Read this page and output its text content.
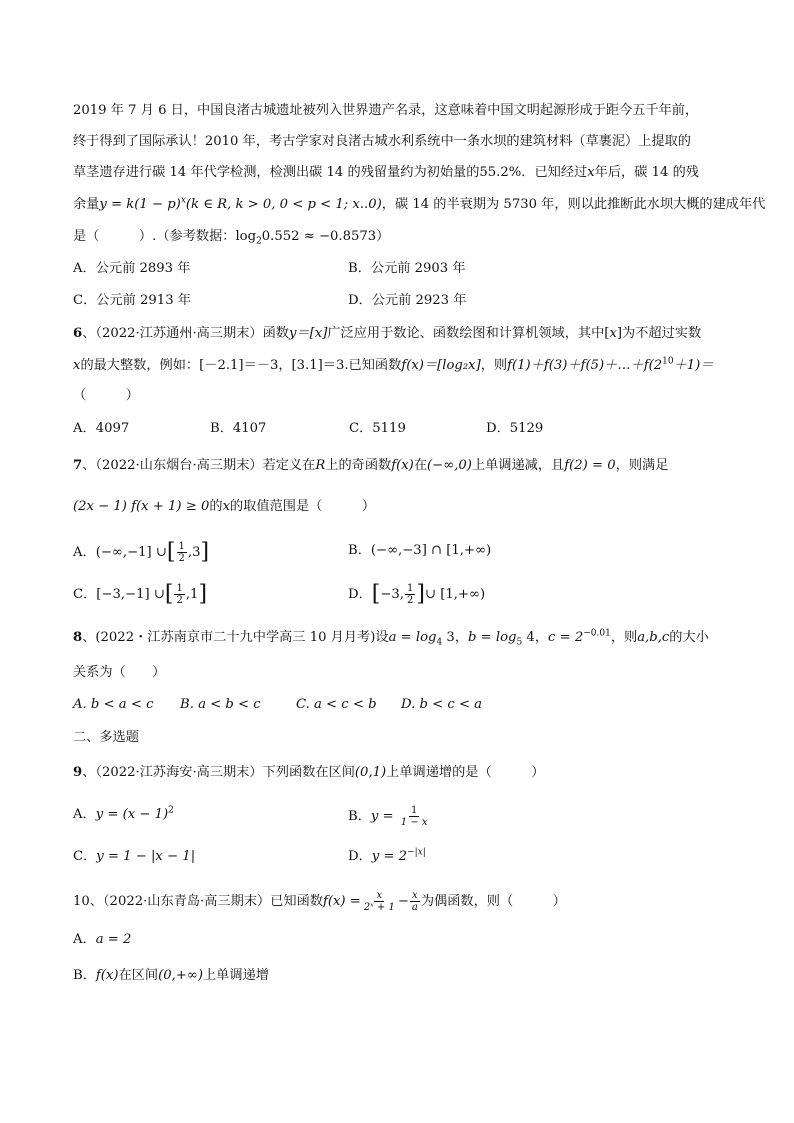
2019 年 7 月 6 日，中国良渚古城遗址被列入世界遗产名录，这意味着中国文明起源形成于距今五千年前，
终于得到了国际承认！2010 年，考古学家对良渚古城水利系统中一条水坝的建筑材料（草裹泥）上提取的
草茎遗存进行碳 14 年代学检测，检测出碳 14 的残留量约为初始量的55.2%．已知经过x年后，碳 14 的残
余量$y = k(1 - p)^x(k$ ∈ R, k > 0, 0 < p < 1; x..0)，碳 14 的半衰期为 5730 年，则以此推断此水坝大概的建成年代
是（　　　）.（参考数据：$\log_20.552 \approx -0.8573$）
A．公元前 2893 年	B．公元前 2903 年
C．公元前 2913 年	D．公元前 2923 年
6、（2022·江苏通州·高三期末）函数y＝[x]广泛应用于数论、函数绘图和计算机领域，其中[x]为不超过实数
x的最大整数，例如：[－2.1]＝－3，[3.1]＝3.已知函数f(x)＝[log₂x]，则$f(1)+f(3)+f(5)+\dots+f(2^{10}+1)=$
（　　　）
A．4097	B．4107	C．5119	D．5129
7、（2022·山东烟台·高三期末）若定义在R上的奇函数f(x)在(−∞,0)上单调递减，且f(2) = 0，则满足
(2x − 1) f(x + 1) ≥ 0的x的取值范围是（　　　）
A．(−∞,−1] ∪[ $\frac{1}{2} ,3$]	B．(−∞,−3] ∩ [1,+∞)
C．[−3,−1] ∪[ $\frac{1}{2} ,1$]	D．[−3, $\frac{1}{2}$ ]∪ [1,+∞)
8、(2022・江苏南京市二十九中学高三 10 月月考)设$a = \log_4 3$，$b = \log_5 4$，$c = 2^{-0.01}$，则a,b,c的大小
关系为（　　）
A. b < a < c B. a < b < c	C. a < c < b D. b < c < a
二、多选题
9、（2022·江苏海安·高三期末）下列函数在区间(0,1)上单调递增的是（　　　）
A．$y = (x - 1)^2$	B．$y = \frac{1}{1 - x}$
C．y = 1 − |x − 1|	D．$y = 2^{-|x|}$
10、（2022·山东青岛·高三期末）已知函数$f(x) = \frac{x}{\text{2ˣ + 1}} - \frac{x}{a}$ 为偶函数，则（　　　）
A．a = 2
B．f(x)在区间(0,+∞)上单调递增
